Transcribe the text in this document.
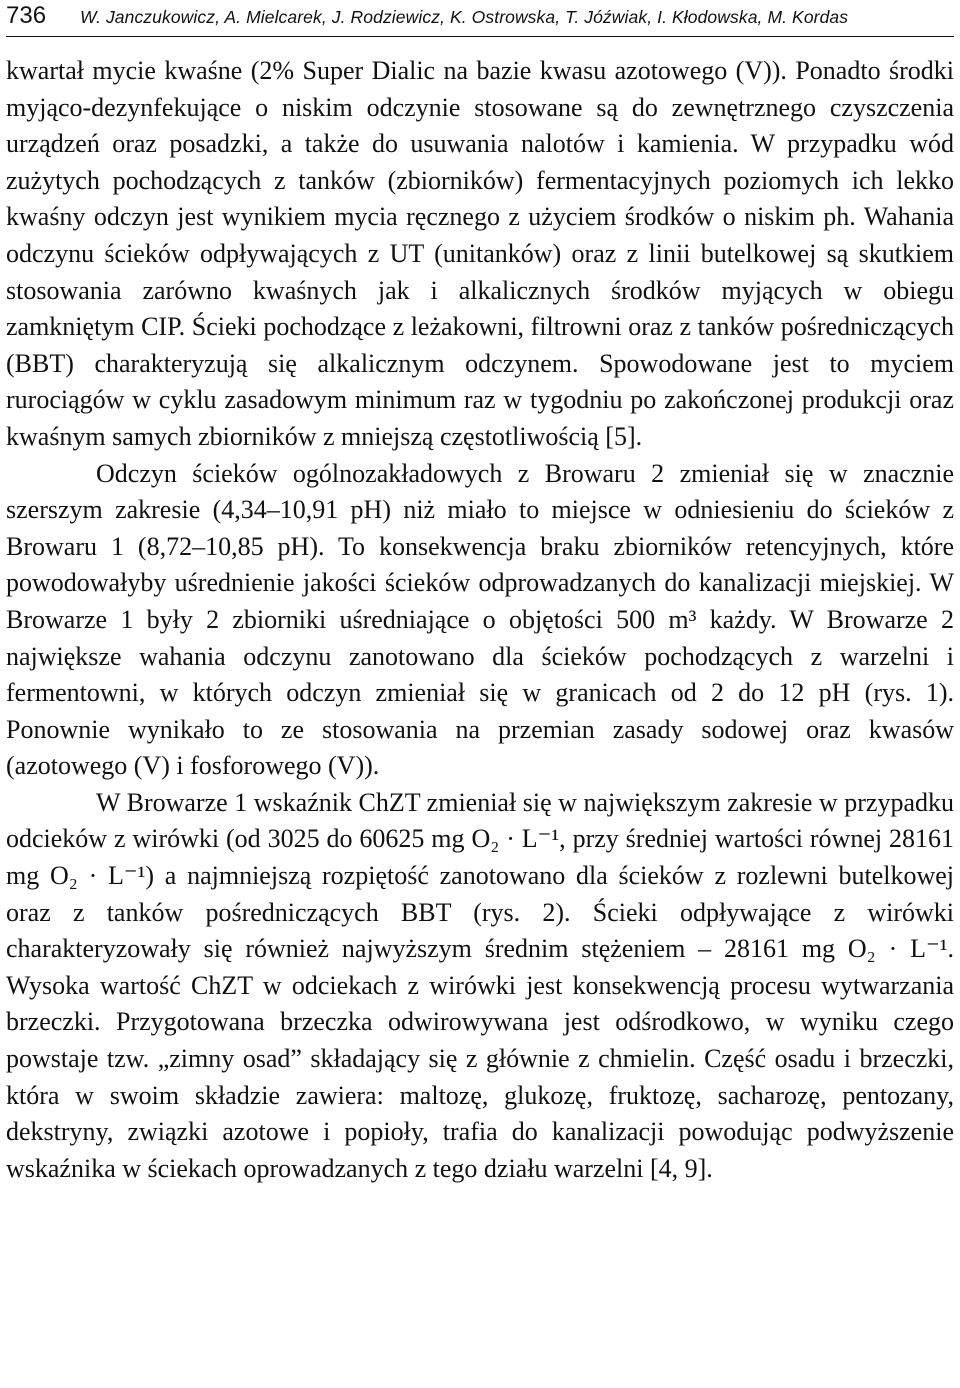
736 W. Janczukowicz, A. Mielcarek, J. Rodziewicz, K. Ostrowska, T. Jóźwiak, I. Kłodowska, M. Kordas

kwartał mycie kwaśne (2% Super Dialic na bazie kwasu azotowego (V)). Ponadto środki myjąco-dezynfekujące o niskim odczynie stosowane są do zewnętrznego czyszczenia urządzeń oraz posadzki, a także do usuwania nalotów i kamienia. W przypadku wód zużytych pochodzących z tanków (zbiorników) fermentacyjnych poziomych ich lekko kwaśny odczyn jest wynikiem mycia ręcznego z użyciem środków o niskim ph. Wahania odczynu ścieków odpływających z UT (unitanków) oraz z linii butelkowej są skutkiem stosowania zarówno kwaśnych jak i alkalicznych środków myjących w obiegu zamkniętym CIP. Ścieki pochodzące z leżakowni, filtrowni oraz z tanków pośredniczących (BBT) charakteryzują się alkalicznym odczynem. Spowodowane jest to myciem rurociągów w cyklu zasadowym minimum raz w tygodniu po zakończonej produkcji oraz kwaśnym samych zbiorników z mniejszą częstotliwością [5].

Odczyn ścieków ogólnozakładowych z Browaru 2 zmieniał się w znacznie szerszym zakresie (4,34–10,91 pH) niż miało to miejsce w odniesieniu do ścieków z Browaru 1 (8,72–10,85 pH). To konsekwencja braku zbiorników retencyjnych, które powodowałyby uśrednienie jakości ścieków odprowadzanych do kanalizacji miejskiej. W Browarze 1 były 2 zbiorniki uśredniające o objętości 500 m³ każdy. W Browarze 2 największe wahania odczynu zanotowano dla ścieków pochodzących z warzelni i fermentowni, w których odczyn zmieniał się w granicach od 2 do 12 pH (rys. 1). Ponownie wynikało to ze stosowania na przemian zasady sodowej oraz kwasów (azotowego (V) i fosforowego (V)).

W Browarze 1 wskaźnik ChZT zmieniał się w największym zakresie w przypadku odcieków z wirówki (od 3025 do 60625 mg O₂ · L⁻¹, przy średniej wartości równej 28161 mg O₂ · L⁻¹) a najmniejszą rozpiętość zanotowano dla ścieków z rozlewni butelkowej oraz z tanków pośredniczących BBT (rys. 2). Ścieki odpływające z wirówki charakteryzowały się również najwyższym średnim stężeniem – 28161 mg O₂ · L⁻¹. Wysoka wartość ChZT w odciekach z wirówki jest konsekwencją procesu wytwarzania brzeczki. Przygotowana brzeczka odwirowywana jest odśrodkowo, w wyniku czego powstaje tzw. „zimny osad” składający się z głównie z chmielin. Część osadu i brzeczki, która w swoim składzie zawiera: maltozę, glukozę, fruktozę, sacharozę, pentozany, dekstryny, związki azotowe i popioły, trafia do kanalizacji powodując podwyższenie wskaźnika w ściekach oprowadzanych z tego działu warzelni [4, 9].
